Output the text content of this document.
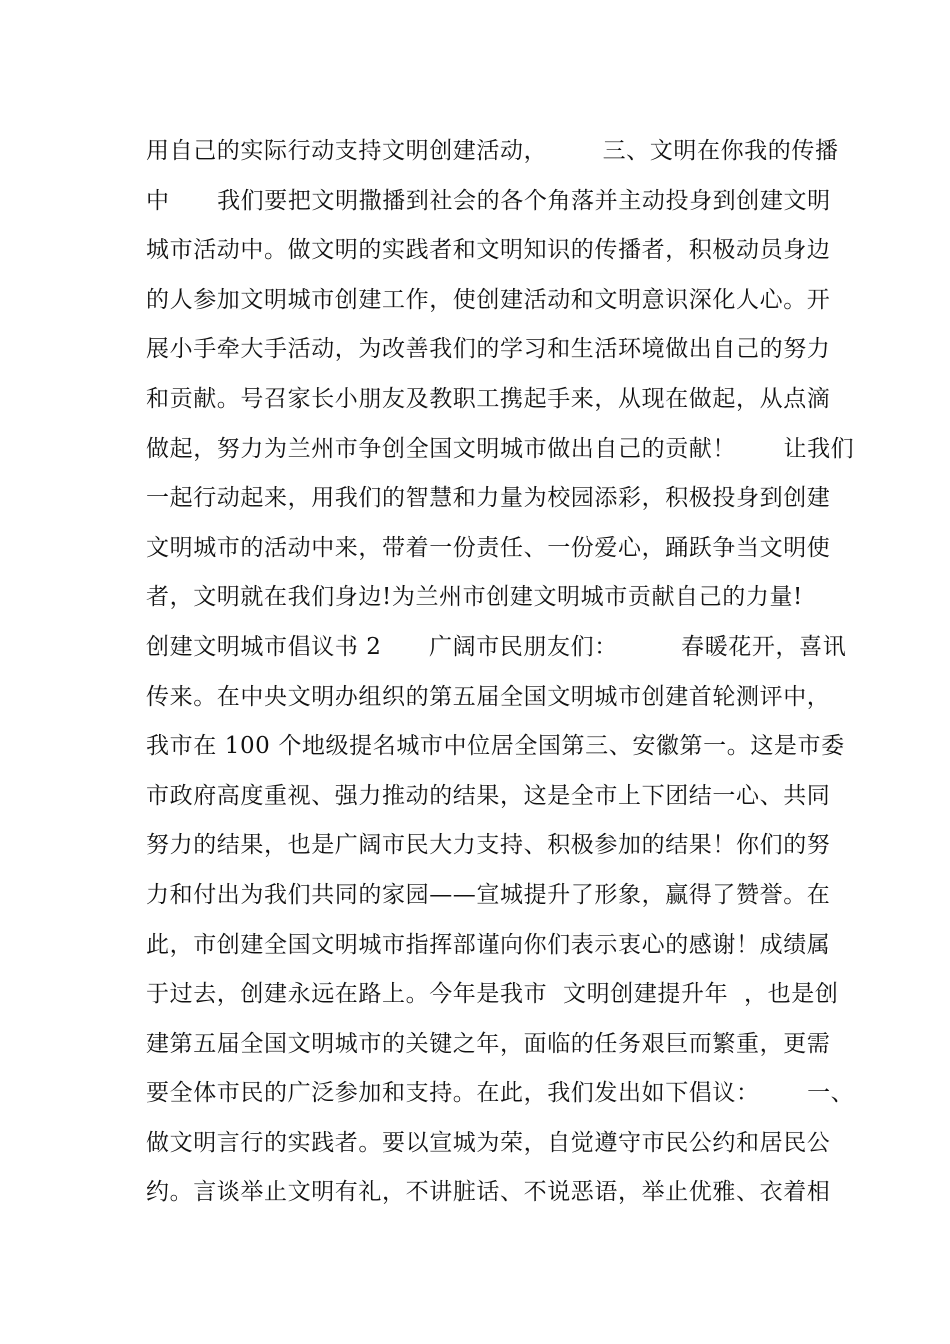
用自己的实际行动支持文明创建活动，       三、文明在你我的传播
中      我们要把文明撒播到社会的各个角落并主动投身到创建文明
城市活动中。做文明的实践者和文明知识的传播者，积极动员身边
的人参加文明城市创建工作，使创建活动和文明意识深化人心。开
展小手牵大手活动，为改善我们的学习和生活环境做出自己的努力
和贡献。号召家长小朋友及教职工携起手来，从现在做起，从点滴
做起，努力为兰州市争创全国文明城市做出自己的贡献！      让我们
一起行动起来，用我们的智慧和力量为校园添彩，积极投身到创建
文明城市的活动中来，带着一份责任、一份爱心，踊跃争当文明使
者，文明就在我们身边!为兰州市创建文明城市贡献自己的力量!
创建文明城市倡议书 2      广阔市民朋友们：        春暖花开，喜讯
传来。在中央文明办组织的第五届全国文明城市创建首轮测评中，
我市在 100 个地级提名城市中位居全国第三、安徽第一。这是市委
市政府高度重视、强力推动的结果，这是全市上下团结一心、共同
努力的结果，也是广阔市民大力支持、积极参加的结果！你们的努
力和付出为我们共同的家园——宣城提升了形象，赢得了赞誉。在
此，市创建全国文明城市指挥部谨向你们表示衷心的感谢！成绩属
于过去，创建永远在路上。今年是我市  文明创建提升年  ，也是创
建第五届全国文明城市的关键之年，面临的任务艰巨而繁重，更需
要全体市民的广泛参加和支持。在此，我们发出如下倡议：      一、
做文明言行的实践者。要以宣城为荣，自觉遵守市民公约和居民公
约。言谈举止文明有礼，不讲脏话、不说恶语，举止优雅、衣着相
